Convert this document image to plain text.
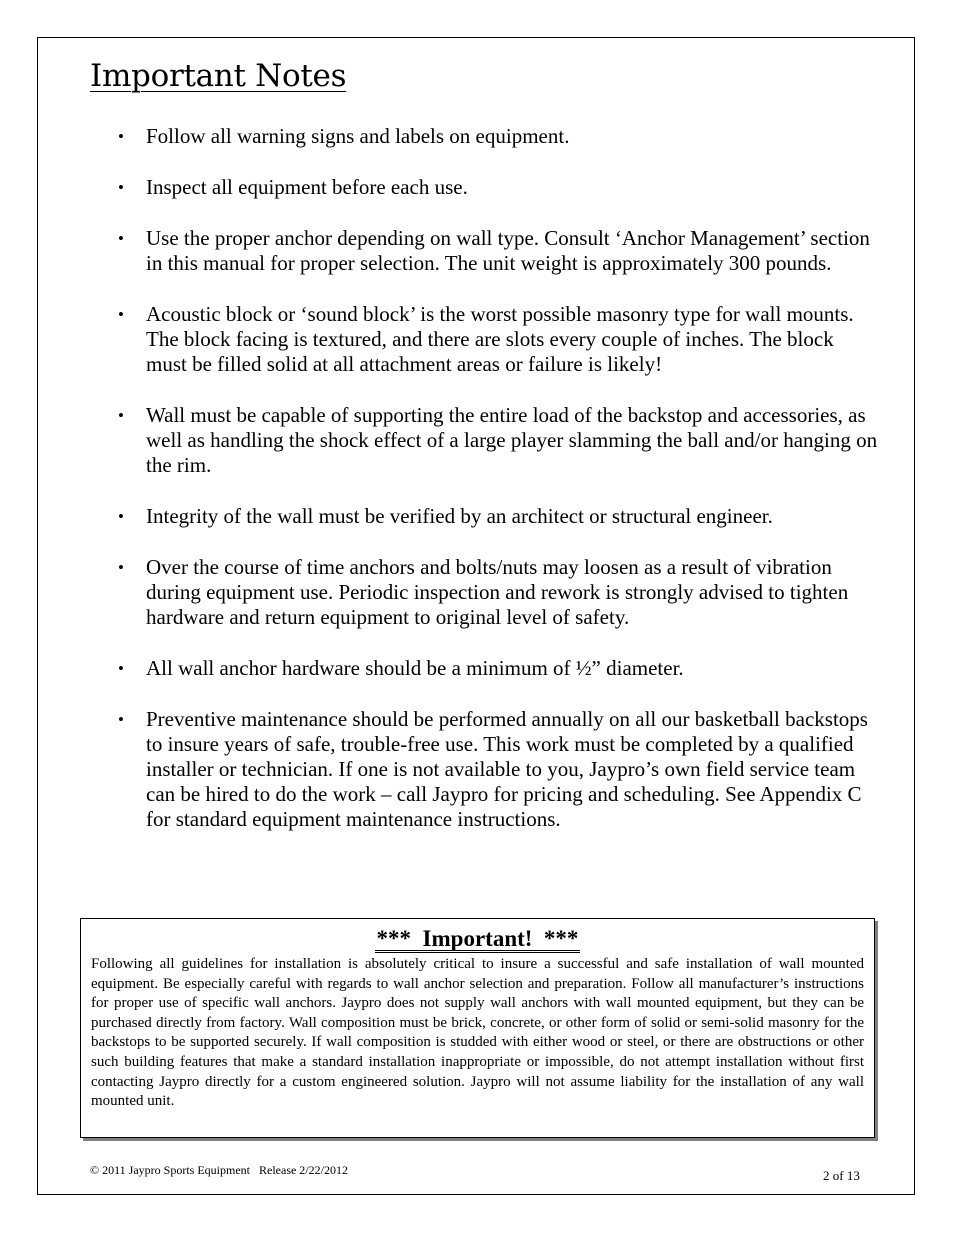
Important Notes
• Follow all warning signs and labels on equipment.
• Inspect all equipment before each use.
• Use the proper anchor depending on wall type. Consult ‘Anchor Management’ section in this manual for proper selection. The unit weight is approximately 300 pounds.
• Acoustic block or ‘sound block’ is the worst possible masonry type for wall mounts. The block facing is textured, and there are slots every couple of inches. The block must be filled solid at all attachment areas or failure is likely!
• Wall must be capable of supporting the entire load of the backstop and accessories, as well as handling the shock effect of a large player slamming the ball and/or hanging on the rim.
• Integrity of the wall must be verified by an architect or structural engineer.
• Over the course of time anchors and bolts/nuts may loosen as a result of vibration during equipment use. Periodic inspection and rework is strongly advised to tighten hardware and return equipment to original level of safety.
• All wall anchor hardware should be a minimum of ½” diameter.
• Preventive maintenance should be performed annually on all our basketball backstops to insure years of safe, trouble-free use. This work must be completed by a qualified installer or technician. If one is not available to you, Jaypro’s own field service team can be hired to do the work – call Jaypro for pricing and scheduling. See Appendix C for standard equipment maintenance instructions.

***  Important!  ***

Following all guidelines for installation is absolutely critical to insure a successful and safe installation of wall mounted equipment. Be especially careful with regards to wall anchor selection and preparation. Follow all manufacturer’s instructions for proper use of specific wall anchors. Jaypro does not supply wall anchors with wall mounted equipment, but they can be purchased directly from factory. Wall composition must be brick, concrete, or other form of solid or semi-solid masonry for the backstops to be supported securely. If wall composition is studded with either wood or steel, or there are obstructions or other such building features that make a standard installation inappropriate or impossible, do not attempt installation without first contacting Jaypro directly for a custom engineered solution. Jaypro will not assume liability for the installation of any wall mounted unit.

© 2011 Jaypro Sports Equipment   Release 2/22/2012	2 of 13
